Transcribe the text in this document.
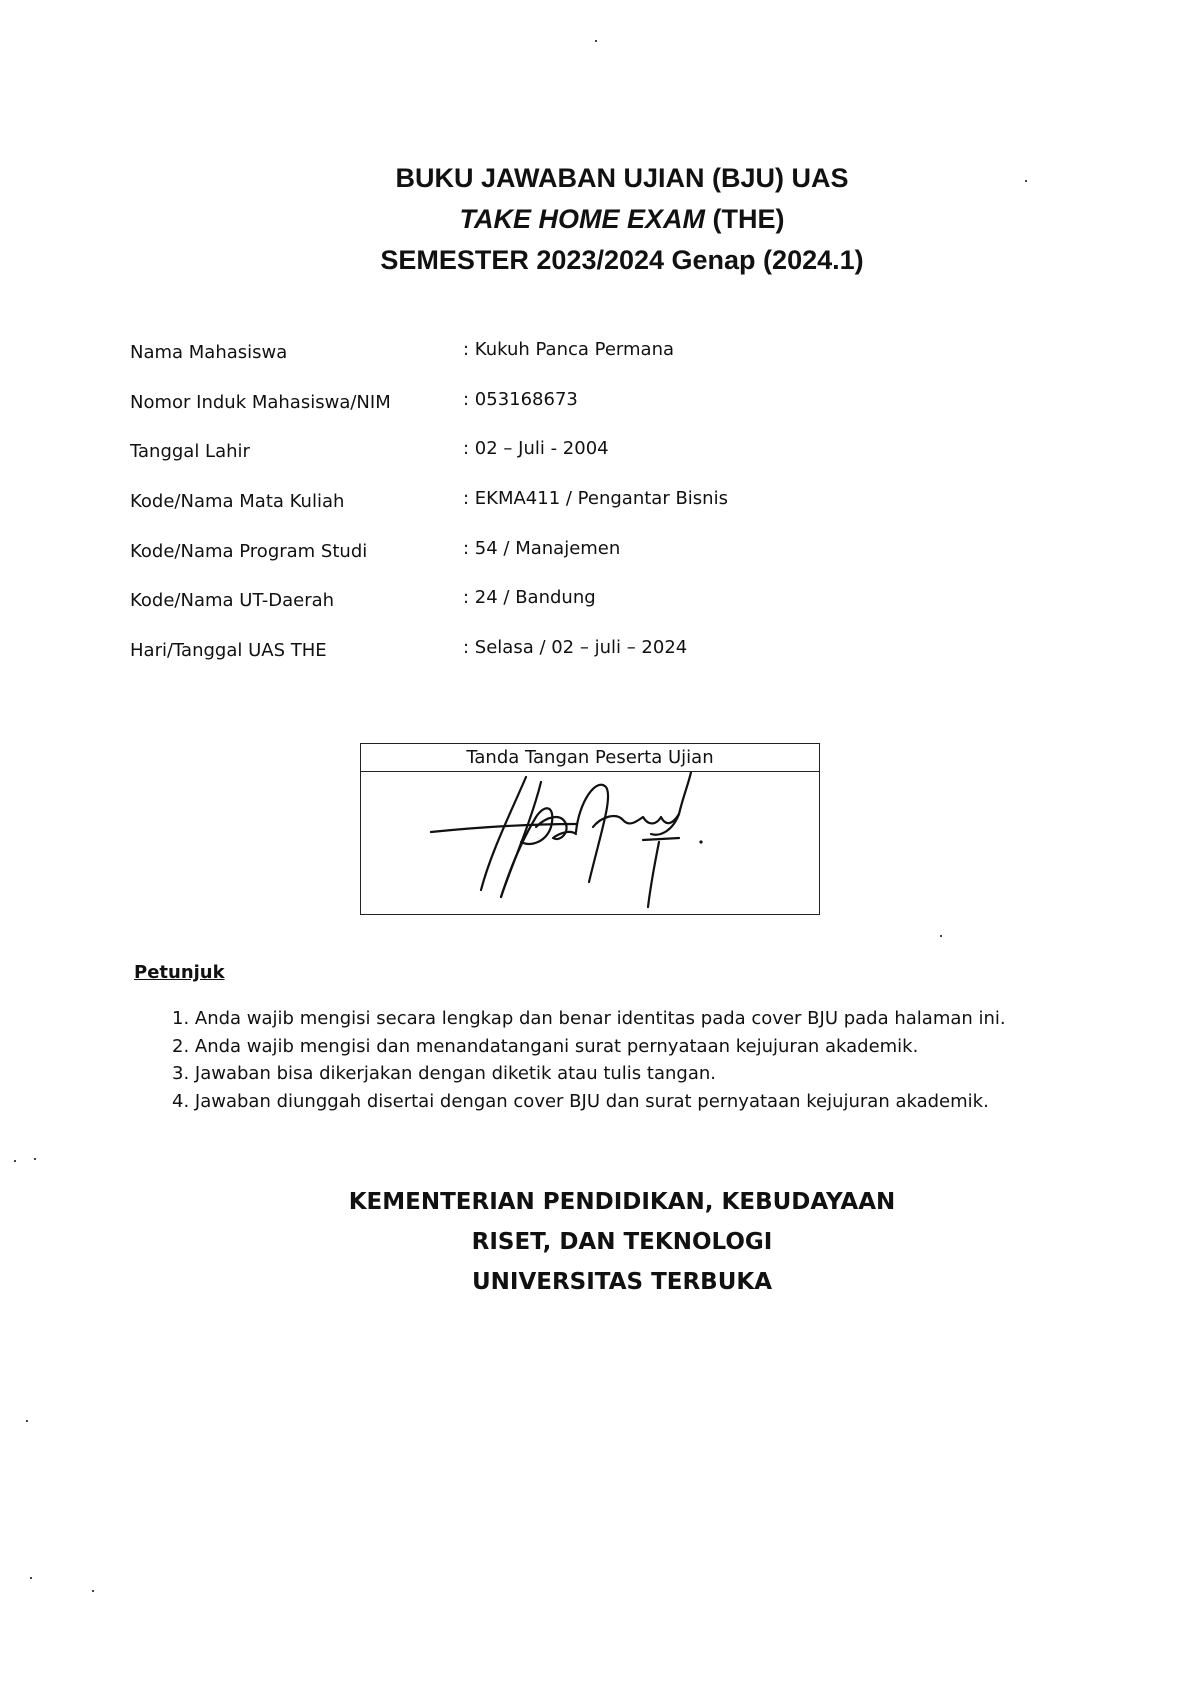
BUKU JAWABAN UJIAN (BJU) UAS
TAKE HOME EXAM (THE)
SEMESTER 2023/2024 Genap (2024.1)
Nama Mahasiswa	: Kukuh Panca Permana
Nomor Induk Mahasiswa/NIM	: 053168673
Tanggal Lahir	: 02 – Juli - 2004
Kode/Nama Mata Kuliah	: EKMA411 / Pengantar Bisnis
Kode/Nama Program Studi	: 54 / Manajemen
Kode/Nama UT-Daerah	: 24 / Bandung
Hari/Tanggal UAS THE	: Selasa / 02 – juli – 2024
Tanda Tangan Peserta Ujian
Petunjuk
1. Anda wajib mengisi secara lengkap dan benar identitas pada cover BJU pada halaman ini.
2. Anda wajib mengisi dan menandatangani surat pernyataan kejujuran akademik.
3. Jawaban bisa dikerjakan dengan diketik atau tulis tangan.
4. Jawaban diunggah disertai dengan cover BJU dan surat pernyataan kejujuran akademik.
KEMENTERIAN PENDIDIKAN, KEBUDAYAAN
RISET, DAN TEKNOLOGI
UNIVERSITAS TERBUKA
